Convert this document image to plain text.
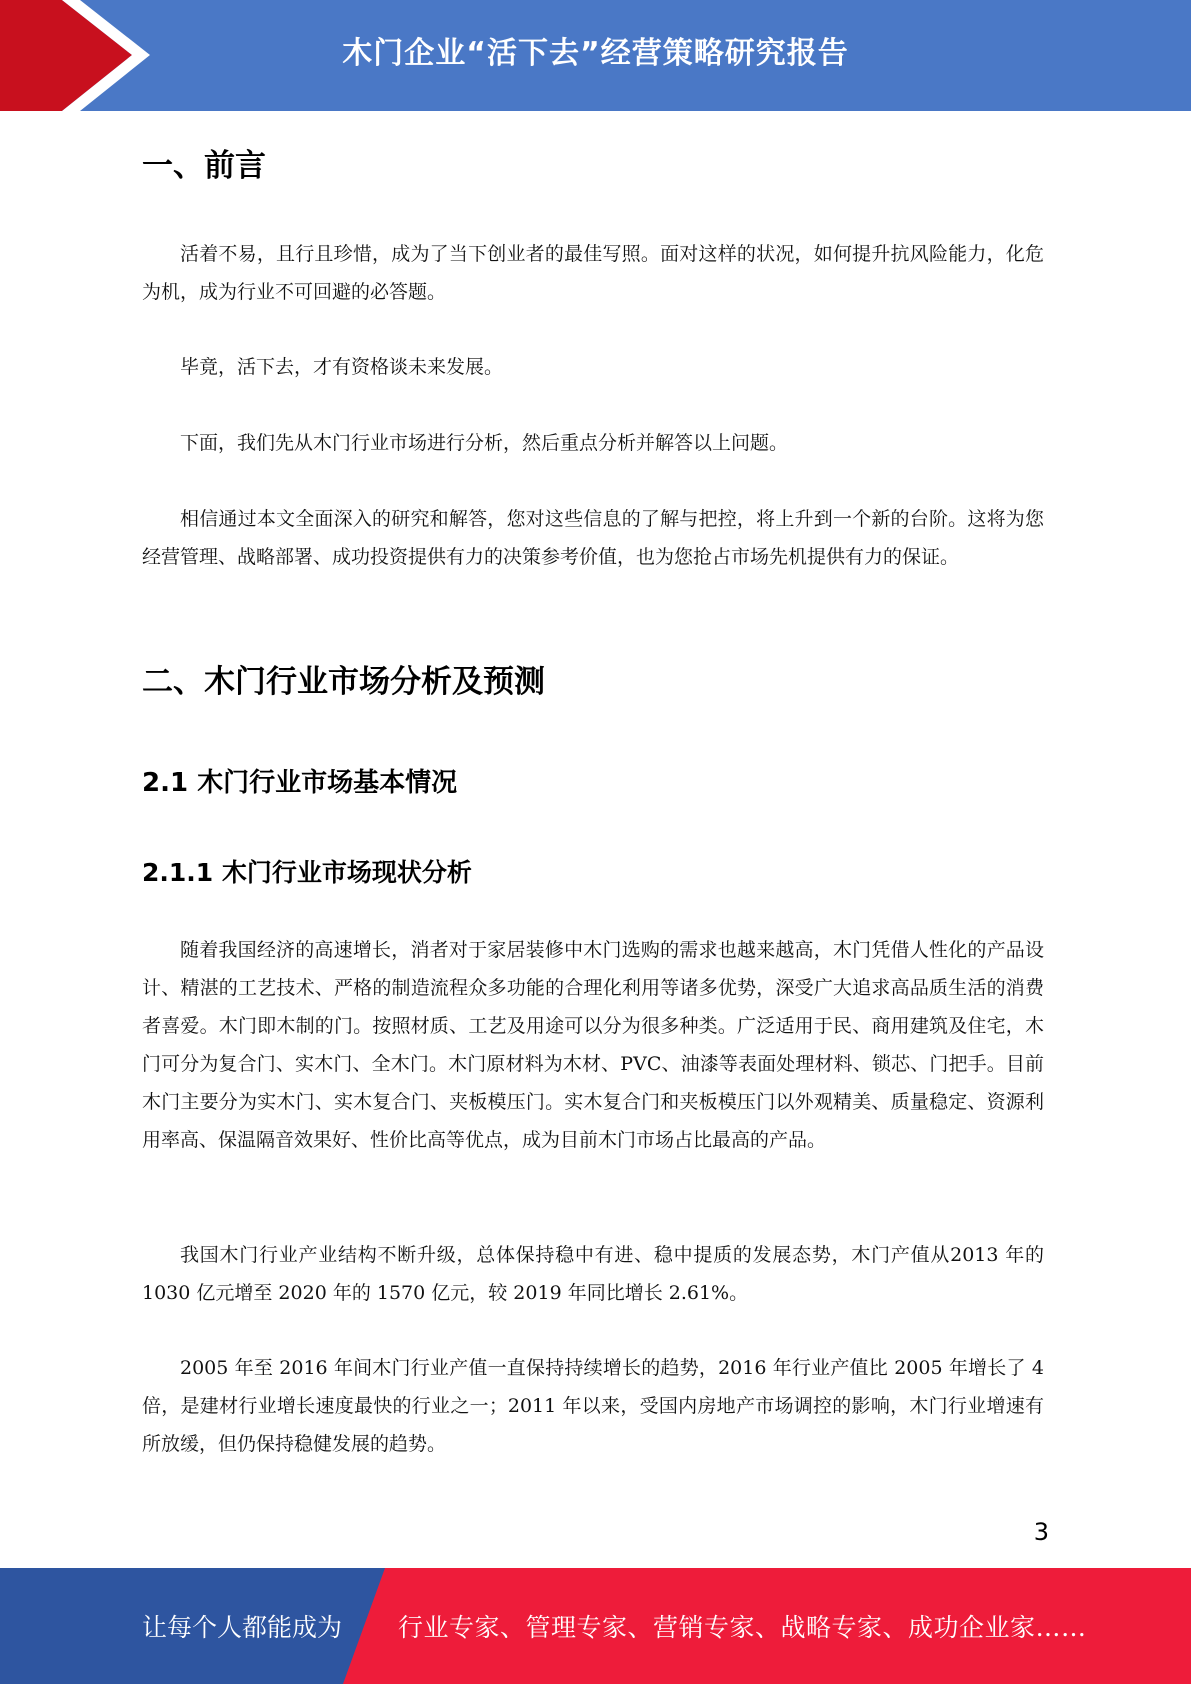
木门企业“活下去”经营策略研究报告
一、前言

活着不易，且行且珍惜，成为了当下创业者的最佳写照。面对这样的状况，如何提升抗风险能力，化危为机，成为行业不可回避的必答题。

毕竟，活下去，才有资格谈未来发展。

下面，我们先从木门行业市场进行分析，然后重点分析并解答以上问题。

相信通过本文全面深入的研究和解答，您对这些信息的了解与把控，将上升到一个新的台阶。这将为您经营管理、战略部署、成功投资提供有力的决策参考价值，也为您抢占市场先机提供有力的保证。

二、木门行业市场分析及预测
2.1 木门行业市场基本情况
2.1.1 木门行业市场现状分析

随着我国经济的高速增长，消者对于家居装修中木门选购的需求也越来越高，木门凭借人性化的产品设计、精湛的工艺技术、严格的制造流程众多功能的合理化利用等诸多优势，深受广大追求高品质生活的消费者喜爱。木门即木制的门。按照材质、工艺及用途可以分为很多种类。广泛适用于民、商用建筑及住宅，木门可分为复合门、实木门、全木门。木门原材料为木材、PVC、油漆等表面处理材料、锁芯、门把手。目前木门主要分为实木门、实木复合门、夹板模压门。实木复合门和夹板模压门以外观精美、质量稳定、资源利用率高、保温隔音效果好、性价比高等优点，成为目前木门市场占比最高的产品。

我国木门行业产业结构不断升级，总体保持稳中有进、稳中提质的发展态势，木门产值从2013 年的 1030 亿元增至 2020 年的 1570 亿元，较 2019 年同比增长 2.61%。

2005 年至 2016 年间木门行业产值一直保持持续增长的趋势，2016 年行业产值比 2005 年增长了 4 倍，是建材行业增长速度最快的行业之一；2011 年以来，受国内房地产市场调控的影响，木门行业增速有所放缓，但仍保持稳健发展的趋势。

3
让每个人都能成为 行业专家、管理专家、营销专家、战略专家、成功企业家……
